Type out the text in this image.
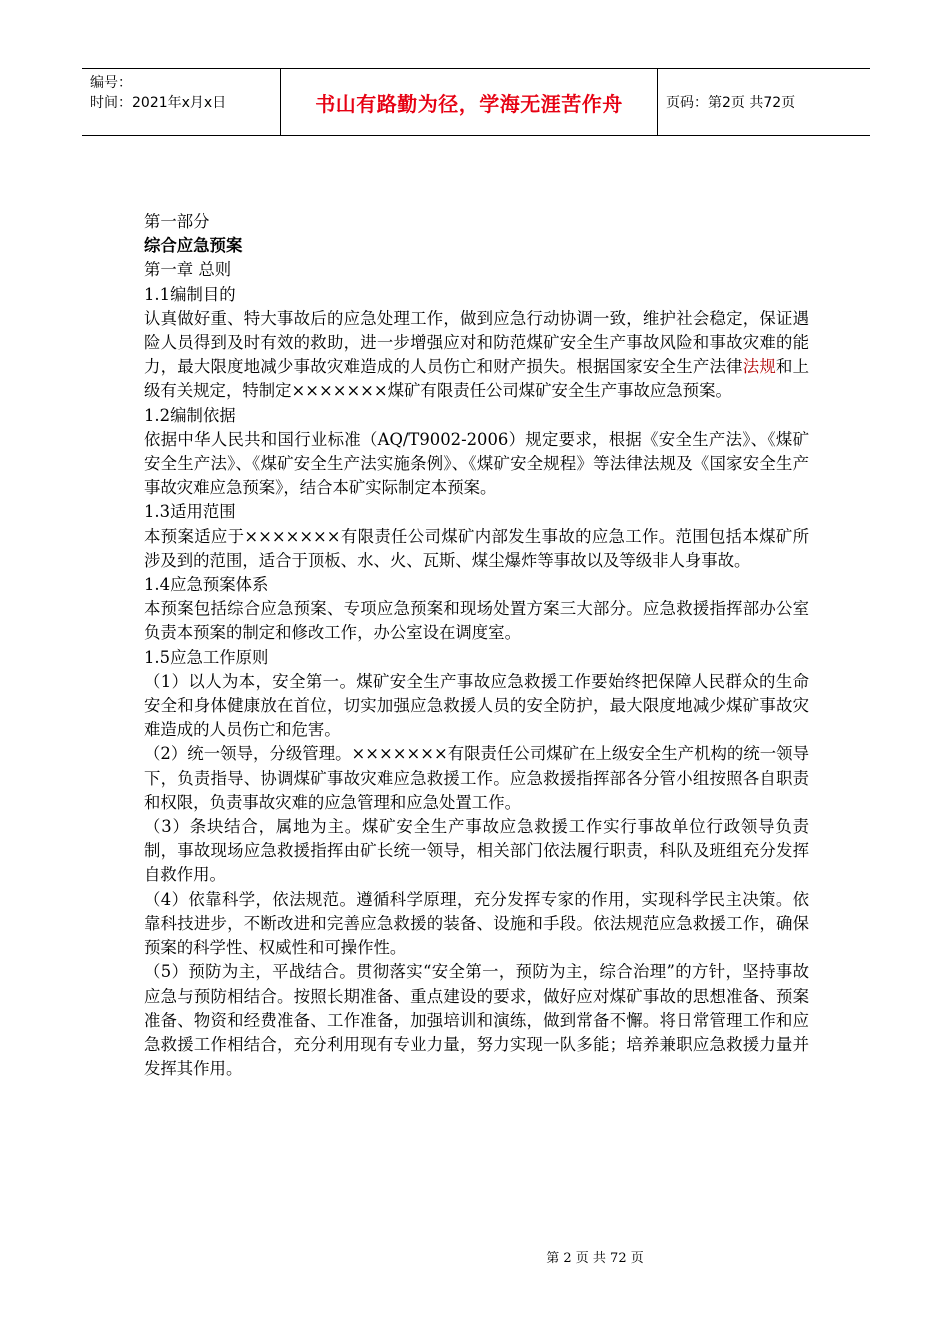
编号：
时间：2021年x月x日	书山有路勤为径，学海无涯苦作舟	页码：第2页 共72页

第一部分

综合应急预案

第一章 总则

1.1编制目的

认真做好重、特大事故后的应急处理工作，做到应急行动协调一致，维护社会稳定，保证遇险人员得到及时有效的救助，进一步增强应对和防范煤矿安全生产事故风险和事故灾难的能力，最大限度地减少事故灾难造成的人员伤亡和财产损失。根据国家安全生产法律法规和上级有关规定，特制定×××××××煤矿有限责任公司煤矿安全生产事故应急预案。

1.2编制依据

依据中华人民共和国行业标准（AQ/T9002-2006）规定要求，根据《安全生产法》、《煤矿安全生产法》、《煤矿安全生产法实施条例》、《煤矿安全规程》等法律法规及《国家安全生产事故灾难应急预案》，结合本矿实际制定本预案。

1.3适用范围

本预案适应于×××××××有限责任公司煤矿内部发生事故的应急工作。范围包括本煤矿所涉及到的范围，适合于顶板、水、火、瓦斯、煤尘爆炸等事故以及等级非人身事故。

1.4应急预案体系

本预案包括综合应急预案、专项应急预案和现场处置方案三大部分。应急救援指挥部办公室负责本预案的制定和修改工作，办公室设在调度室。

1.5应急工作原则

（1）以人为本，安全第一。煤矿安全生产事故应急救援工作要始终把保障人民群众的生命安全和身体健康放在首位，切实加强应急救援人员的安全防护，最大限度地减少煤矿事故灾难造成的人员伤亡和危害。

（2）统一领导，分级管理。×××××××有限责任公司煤矿在上级安全生产机构的统一领导下，负责指导、协调煤矿事故灾难应急救援工作。应急救援指挥部各分管小组按照各自职责和权限，负责事故灾难的应急管理和应急处置工作。

（3）条块结合，属地为主。煤矿安全生产事故应急救援工作实行事故单位行政领导负责制，事故现场应急救援指挥由矿长统一领导，相关部门依法履行职责，科队及班组充分发挥自救作用。

（4）依靠科学，依法规范。遵循科学原理，充分发挥专家的作用，实现科学民主决策。依靠科技进步，不断改进和完善应急救援的装备、设施和手段。依法规范应急救援工作，确保预案的科学性、权威性和可操作性。

（5）预防为主，平战结合。贯彻落实“安全第一，预防为主，综合治理”的方针，坚持事故应急与预防相结合。按照长期准备、重点建设的要求，做好应对煤矿事故的思想准备、预案准备、物资和经费准备、工作准备，加强培训和演练，做到常备不懈。将日常管理工作和应急救援工作相结合，充分利用现有专业力量，努力实现一队多能；培养兼职应急救援力量并发挥其作用。

第 2 页 共 72 页
